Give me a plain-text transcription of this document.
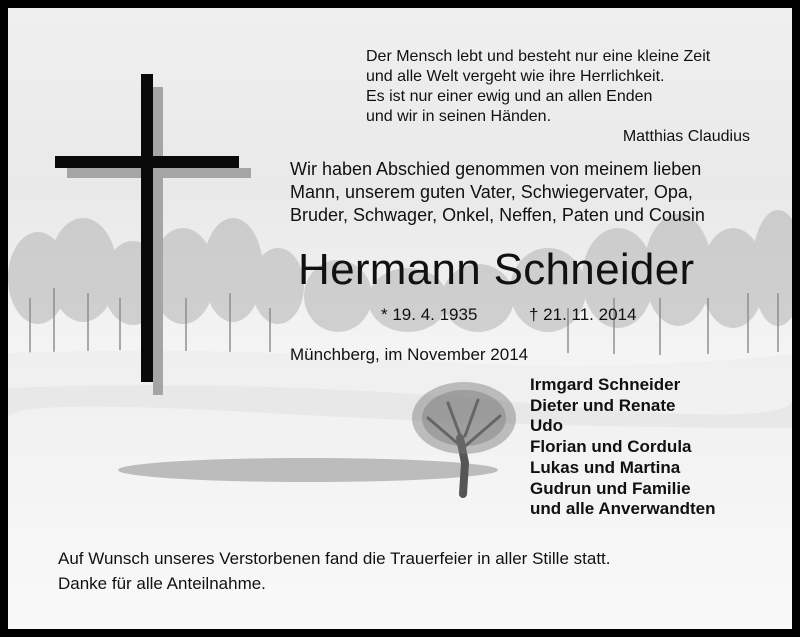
Der Mensch lebt und besteht nur eine kleine Zeit
und alle Welt vergeht wie ihre Herrlichkeit.
Es ist nur einer ewig und an allen Enden
und wir in seinen Händen.
Matthias Claudius
Wir haben Abschied genommen von meinem lieben
Mann, unserem guten Vater, Schwiegervater, Opa,
Bruder, Schwager, Onkel, Neffen, Paten und Cousin
Hermann Schneider
* 19. 4. 1935	† 21. 11. 2014
Münchberg, im November 2014
Irmgard Schneider
Dieter und Renate
Udo
Florian und Cordula
Lukas und Martina
Gudrun und Familie
und alle Anverwandten
Auf Wunsch unseres Verstorbenen fand die Trauerfeier in aller Stille statt.
Danke für alle Anteilnahme.
